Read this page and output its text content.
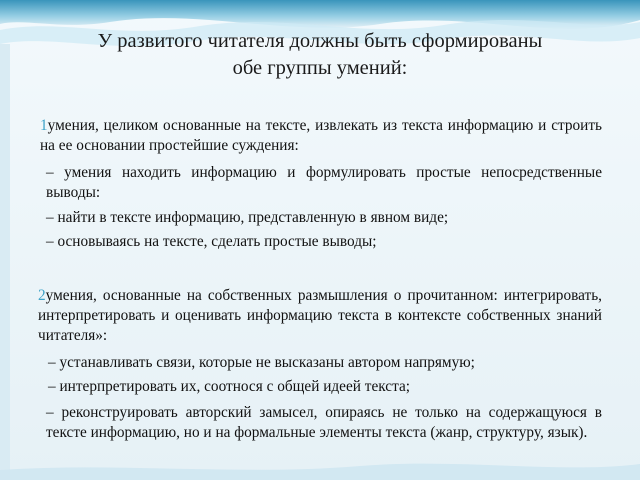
У развитого читателя должны быть сформированы
обе группы умений:
1умения, целиком основанные на тексте, извлекать из текста информацию и строить на ее основании простейшие суждения:
– умения находить информацию и формулировать простые непосредственные выводы:
– найти в тексте информацию, представленную в явном виде;
– основываясь на тексте, сделать простые выводы;
2умения, основанные на собственных размышления о прочитанном: интегрировать, интерпретировать и оценивать информацию текста в контексте собственных знаний читателя»:
– устанавливать связи, которые не высказаны автором напрямую;
– интерпретировать их, соотнося с общей идеей текста;
– реконструировать авторский замысел, опираясь не только на содержащуюся в тексте информацию, но и на формальные элементы текста (жанр, структуру, язык).
